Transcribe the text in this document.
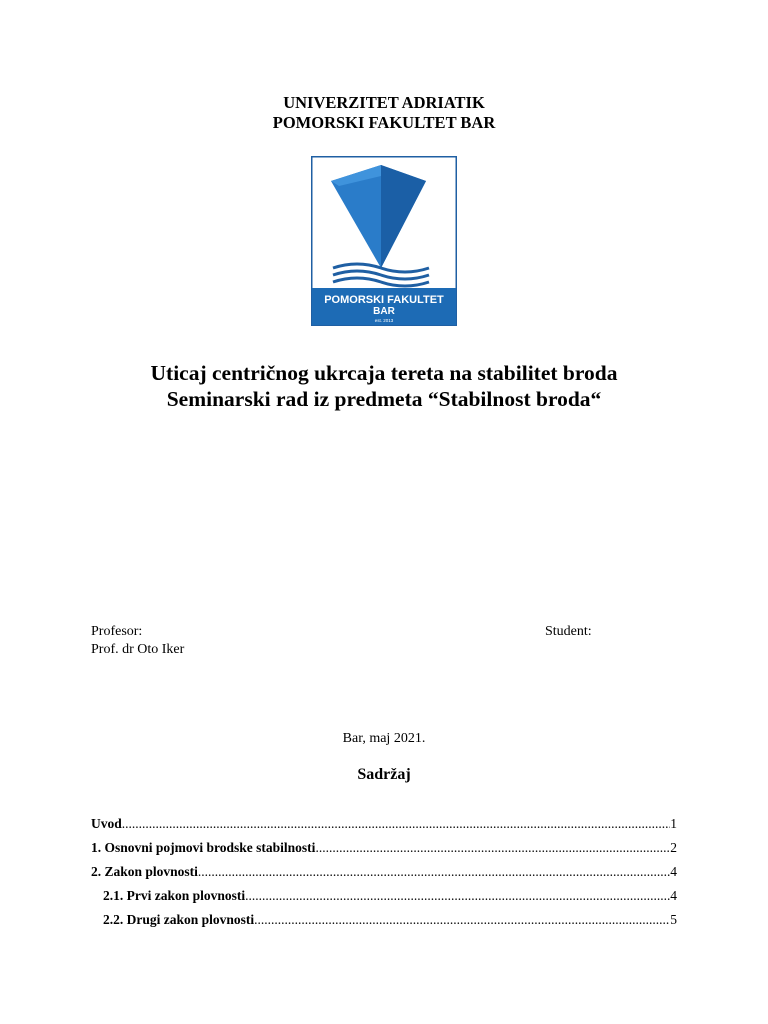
UNIVERZITET ADRIATIK
POMORSKI FAKULTET BAR
POMORSKI FAKULTET
BAR
est. 2013
Uticaj centričnog ukrcaja tereta na stabilitet broda
Seminarski rad iz predmeta “Stabilnost broda“
Profesor:
Prof. dr Oto Iker
Student:
Bar, maj 2021.
Sadržaj
Uvod .....	1
1. Osnovni pojmovi brodske stabilnosti .....	2
2. Zakon plovnosti .....	4
2.1. Prvi zakon plovnosti .....	4
2.2. Drugi zakon plovnosti .....	5
